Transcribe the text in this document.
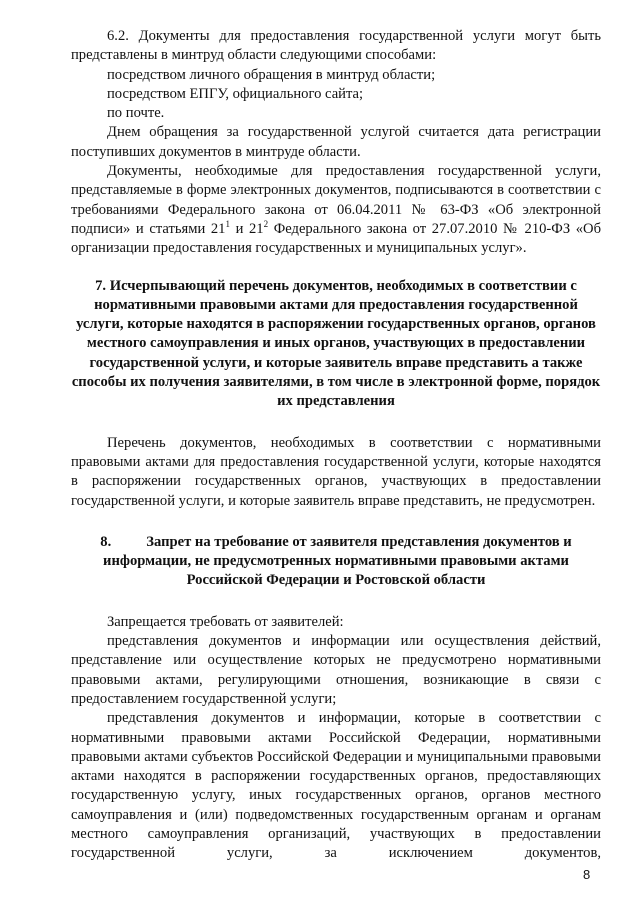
6.2. Документы для предоставления государственной услуги могут быть представлены в минтруд области следующими способами:

посредством личного обращения в минтруд области;

посредством ЕПГУ, официального сайта;

по почте.

Днем обращения за государственной услугой считается дата регистрации поступивших документов в минтруде области.

Документы, необходимые для предоставления государственной услуги, представляемые в форме электронных документов, подписываются в соответствии с требованиями Федерального закона от 06.04.2011 № 63-ФЗ «Об электронной подписи» и статьями $21^1$ и $21^2$ Федерального закона от 27.07.2010 № 210-ФЗ «Об организации предоставления государственных и муниципальных услуг».

7. Исчерпывающий перечень документов, необходимых в соответствии с нормативными правовыми актами для предоставления государственной услуги, которые находятся в распоряжении государственных органов, органов местного самоуправления и иных органов, участвующих в предоставлении государственной услуги, и которые заявитель вправе представить а также способы их получения заявителями, в том числе в электронной форме, порядок их представления

Перечень документов, необходимых в соответствии с нормативными правовыми актами для предоставления государственной услуги, которые находятся в распоряжении государственных органов, участвующих в предоставлении государственной услуги, и которые заявитель вправе представить, не предусмотрен.

8. Запрет на требование от заявителя представления документов и информации, не предусмотренных нормативными правовыми актами Российской Федерации и Ростовской области

Запрещается требовать от заявителей:

представления документов и информации или осуществления действий, представление или осуществление которых не предусмотрено нормативными правовыми актами, регулирующими отношения, возникающие в связи с предоставлением государственной услуги;

представления документов и информации, которые в соответствии с нормативными правовыми актами Российской Федерации, нормативными правовыми актами субъектов Российской Федерации и муниципальными правовыми актами находятся в распоряжении государственных органов, предоставляющих государственную услугу, иных государственных органов, органов местного самоуправления и (или) подведомственных государственным органам и органам местного самоуправления организаций, участвующих в предоставлении государственной услуги, за исключением документов,

8
